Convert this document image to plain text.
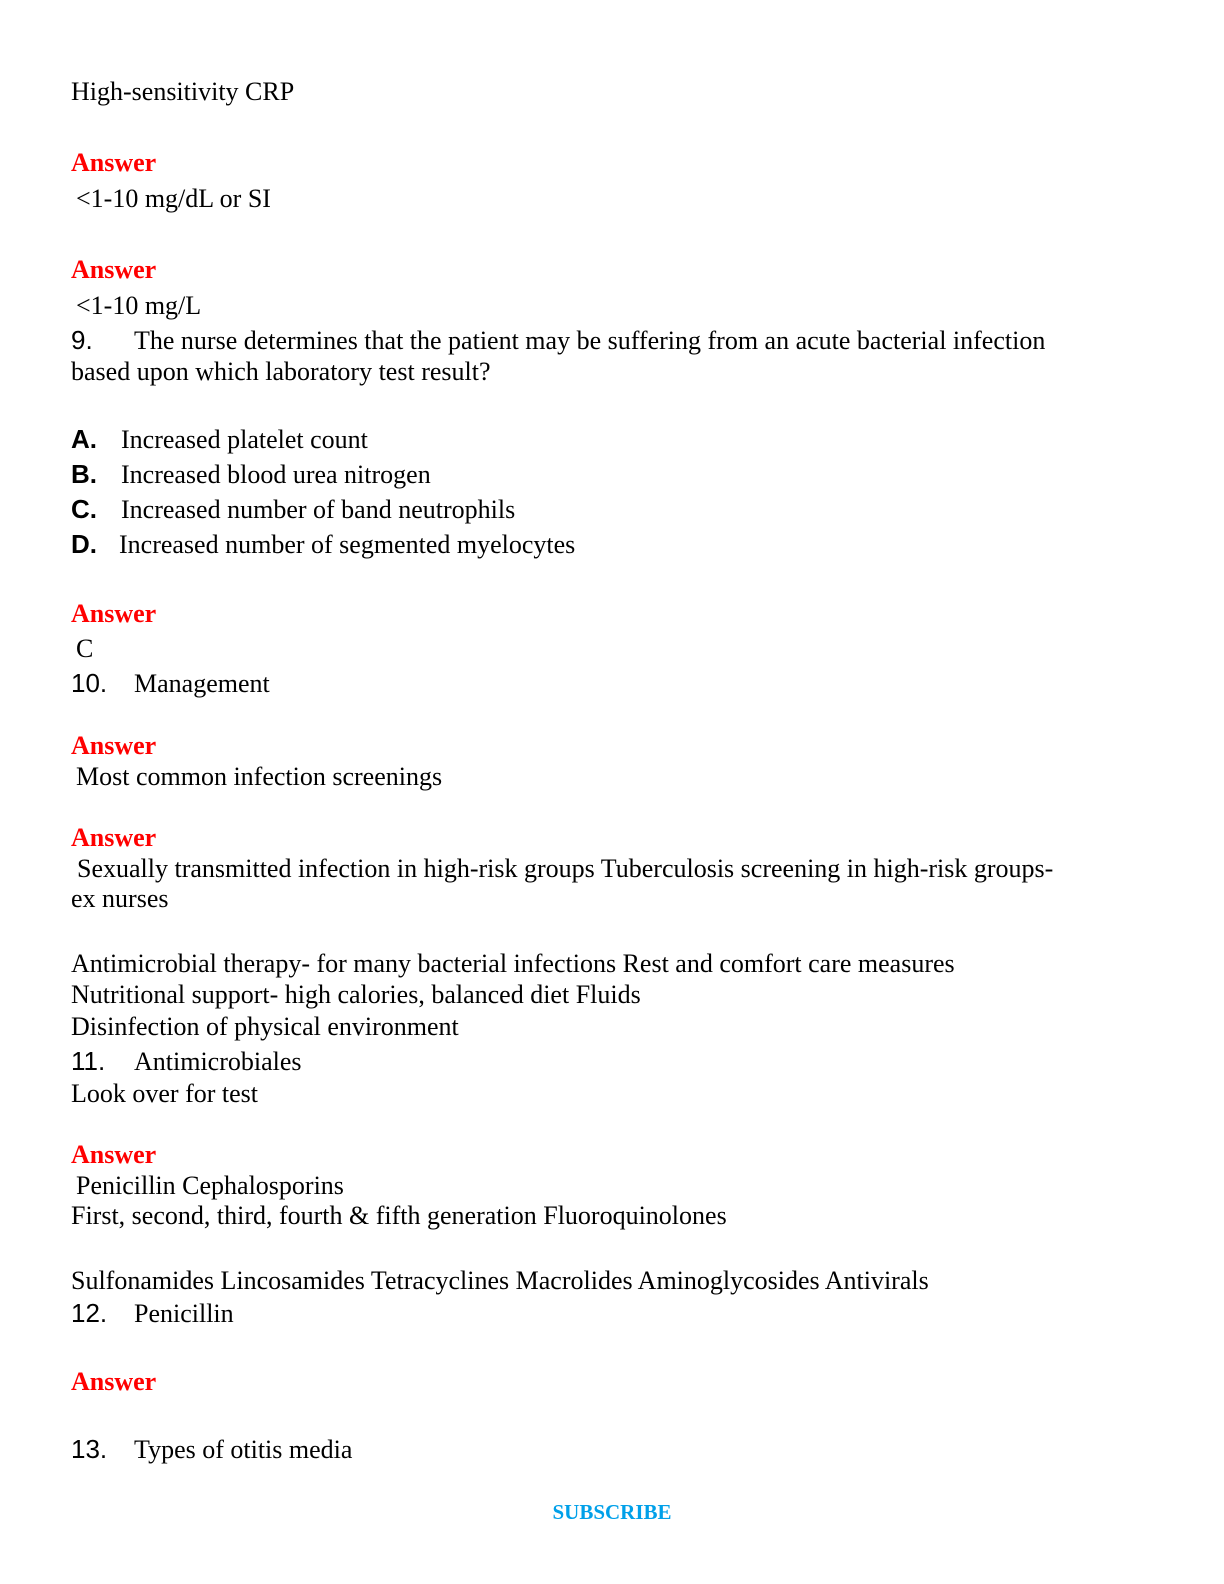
High-sensitivity CRP

Answer

<1-10 mg/dL or SI

Answer

<1-10 mg/L

9. The nurse determines that the patient may be suffering from an acute bacterial infection

based upon which laboratory test result?

A. Increased platelet count

B. Increased blood urea nitrogen

C. Increased number of band neutrophils

D. Increased number of segmented myelocytes

Answer

C

10. Management

Answer

Most common infection screenings

Answer

Sexually transmitted infection in high-risk groups Tuberculosis screening in high-risk groups-

ex nurses

Antimicrobial therapy- for many bacterial infections Rest and comfort care measures

Nutritional support- high calories, balanced diet Fluids

Disinfection of physical environment

11. Antimicrobiales

Look over for test

Answer

Penicillin Cephalosporins

First, second, third, fourth & fifth generation Fluoroquinolones

Sulfonamides Lincosamides Tetracyclines Macrolides Aminoglycosides Antivirals

12. Penicillin

Answer

13. Types of otitis media

SUBSCRIBE
